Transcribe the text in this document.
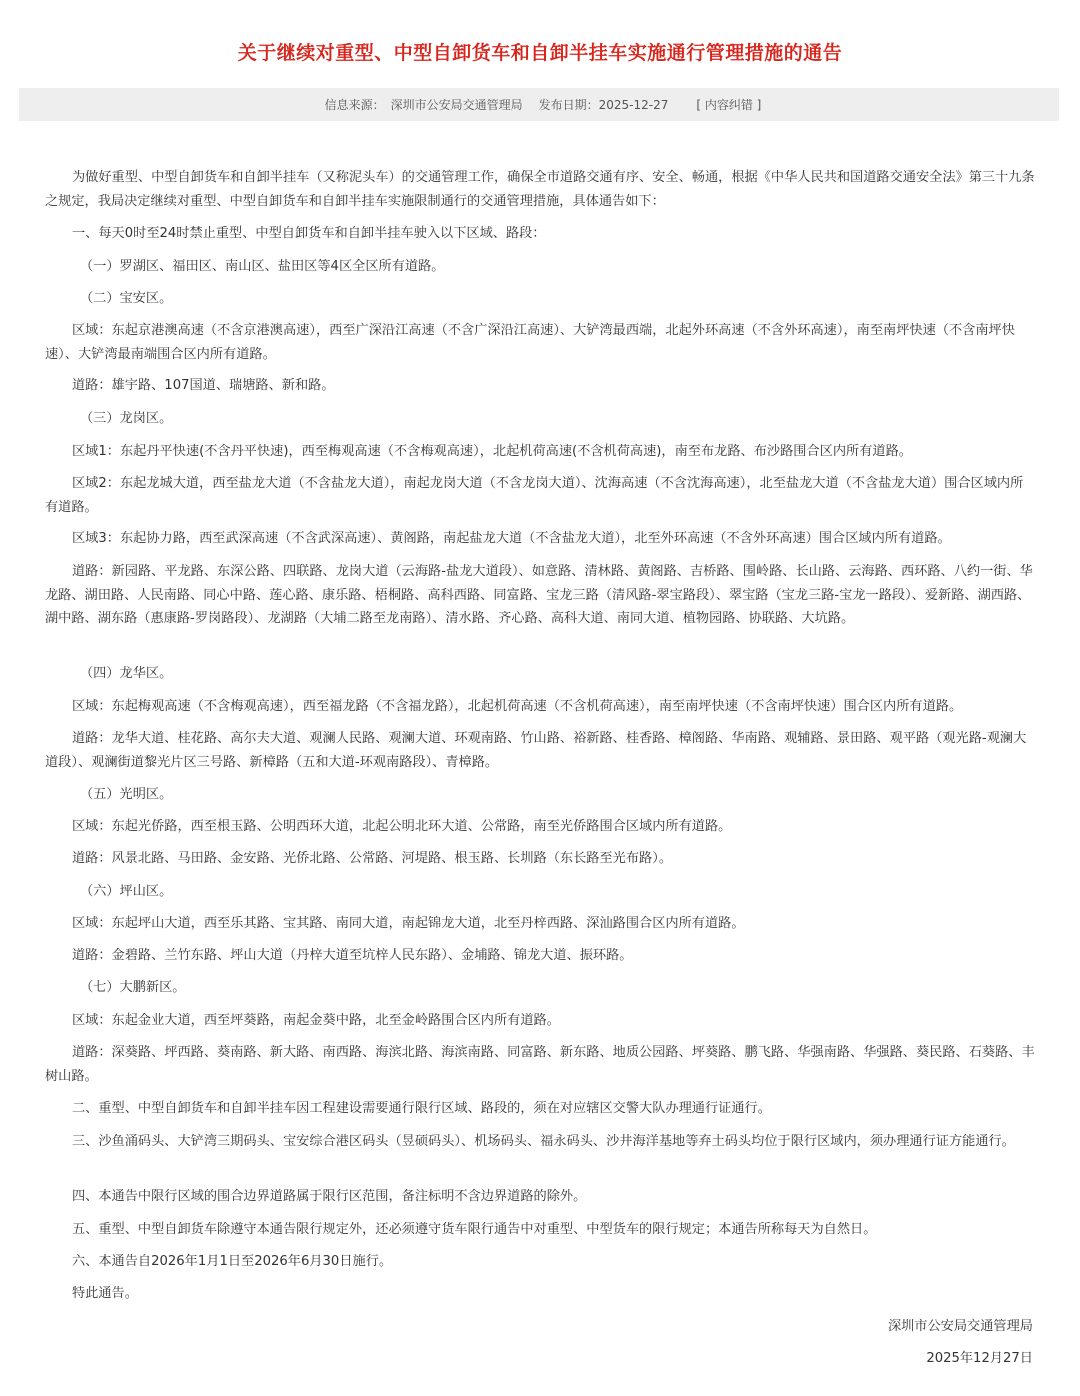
关于继续对重型、中型自卸货车和自卸半挂车实施通行管理措施的通告
信息来源：　深圳市公安局交通管理局 发布日期：2025-12-27 [ 内容纠错 ]

为做好重型、中型自卸货车和自卸半挂车（又称泥头车）的交通管理工作，确保全市道路交通有序、安全、畅通，根据《中华人民共和国道路交通安全法》第三十九条之规定，我局决定继续对重型、中型自卸货车和自卸半挂车实施限制通行的交通管理措施，具体通告如下：

一、每天0时至24时禁止重型、中型自卸货车和自卸半挂车驶入以下区域、路段：

（一）罗湖区、福田区、南山区、盐田区等4区全区所有道路。

（二）宝安区。

区域：东起京港澳高速（不含京港澳高速），西至广深沿江高速（不含广深沿江高速）、大铲湾最西端，北起外环高速（不含外环高速），南至南坪快速（不含南坪快速）、大铲湾最南端围合区内所有道路。

道路：雄宇路、107国道、瑞塘路、新和路。

（三）龙岗区。

区域1：东起丹平快速(不含丹平快速)，西至梅观高速（不含梅观高速），北起机荷高速(不含机荷高速)，南至布龙路、布沙路围合区内所有道路。

区域2：东起龙城大道，西至盐龙大道（不含盐龙大道），南起龙岗大道（不含龙岗大道）、沈海高速（不含沈海高速），北至盐龙大道（不含盐龙大道）围合区域内所有道路。

区域3：东起协力路，西至武深高速（不含武深高速）、黄阁路，南起盐龙大道（不含盐龙大道），北至外环高速（不含外环高速）围合区域内所有道路。

道路：新园路、平龙路、东深公路、四联路、龙岗大道（云海路-盐龙大道段）、如意路、清林路、黄阁路、吉桥路、围岭路、长山路、云海路、西环路、八约一街、华龙路、湖田路、人民南路、同心中路、莲心路、康乐路、梧桐路、高科西路、同富路、宝龙三路（清风路-翠宝路段）、翠宝路（宝龙三路-宝龙一路段）、爱新路、湖西路、湖中路、湖东路（惠康路-罗岗路段）、龙湖路（大埔二路至龙南路）、清水路、齐心路、高科大道、南同大道、植物园路、协联路、大坑路。

（四）龙华区。

区域：东起梅观高速（不含梅观高速），西至福龙路（不含福龙路），北起机荷高速（不含机荷高速），南至南坪快速（不含南坪快速）围合区内所有道路。

道路：龙华大道、桂花路、高尔夫大道、观澜人民路、观澜大道、环观南路、竹山路、裕新路、桂香路、樟阁路、华南路、观辅路、景田路、观平路（观光路-观澜大道段）、观澜街道黎光片区三号路、新樟路（五和大道-环观南路段）、青樟路。

（五）光明区。

区域：东起光侨路，西至根玉路、公明西环大道，北起公明北环大道、公常路，南至光侨路围合区域内所有道路。

道路：风景北路、马田路、金安路、光侨北路、公常路、河堤路、根玉路、长圳路（东长路至光布路）。

（六）坪山区。

区域：东起坪山大道，西至乐其路、宝其路、南同大道，南起锦龙大道，北至丹梓西路、深汕路围合区内所有道路。

道路：金碧路、兰竹东路、坪山大道（丹梓大道至坑梓人民东路）、金埔路、锦龙大道、振环路。

（七）大鹏新区。

区域：东起金业大道，西至坪葵路，南起金葵中路，北至金岭路围合区内所有道路。

道路：深葵路、坪西路、葵南路、新大路、南西路、海滨北路、海滨南路、同富路、新东路、地质公园路、坪葵路、鹏飞路、华强南路、华强路、葵民路、石葵路、丰树山路。

二、重型、中型自卸货车和自卸半挂车因工程建设需要通行限行区域、路段的，须在对应辖区交警大队办理通行证通行。

三、沙鱼涌码头、大铲湾三期码头、宝安综合港区码头（昱硕码头）、机场码头、福永码头、沙井海洋基地等弃土码头均位于限行区域内，须办理通行证方能通行。

四、本通告中限行区域的围合边界道路属于限行区范围，备注标明不含边界道路的除外。

五、重型、中型自卸货车除遵守本通告限行规定外，还必须遵守货车限行通告中对重型、中型货车的限行规定；本通告所称每天为自然日。

六、本通告自2026年1月1日至2026年6月30日施行。

特此通告。

深圳市公安局交通管理局
2025年12月27日
